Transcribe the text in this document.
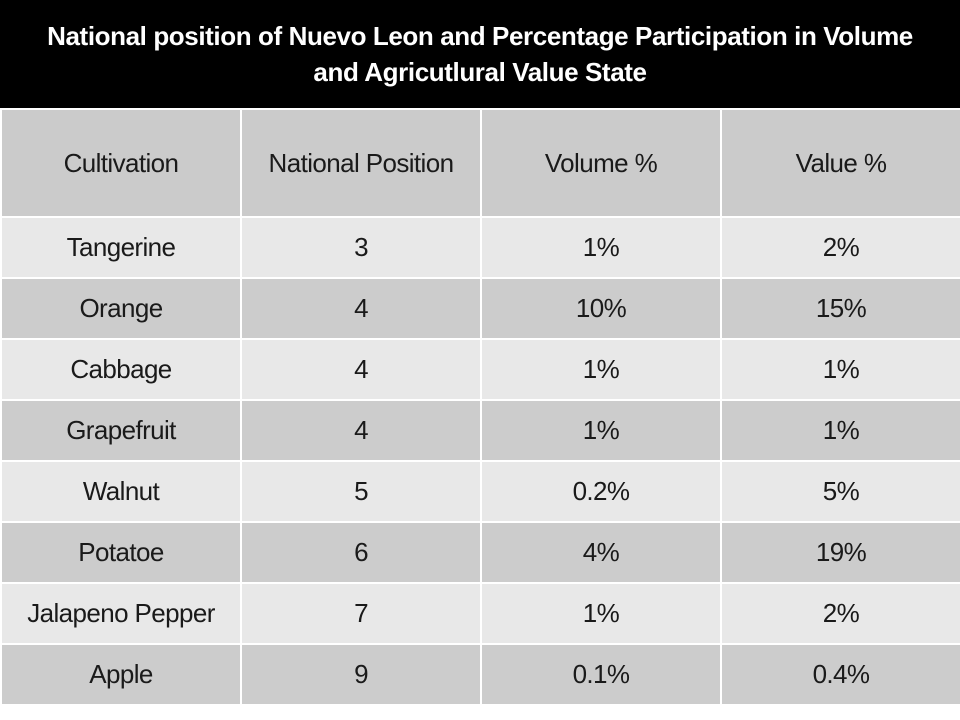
National position of Nuevo Leon and Percentage Participation in Volume
and Agricutlural Value State
Cultivation	National Position	Volume %	Value %
Tangerine	3	1%	2%
Orange	4	10%	15%
Cabbage	4	1%	1%
Grapefruit	4	1%	1%
Walnut	5	0.2%	5%
Potatoe	6	4%	19%
Jalapeno Pepper	7	1%	2%
Apple	9	0.1%	0.4%
